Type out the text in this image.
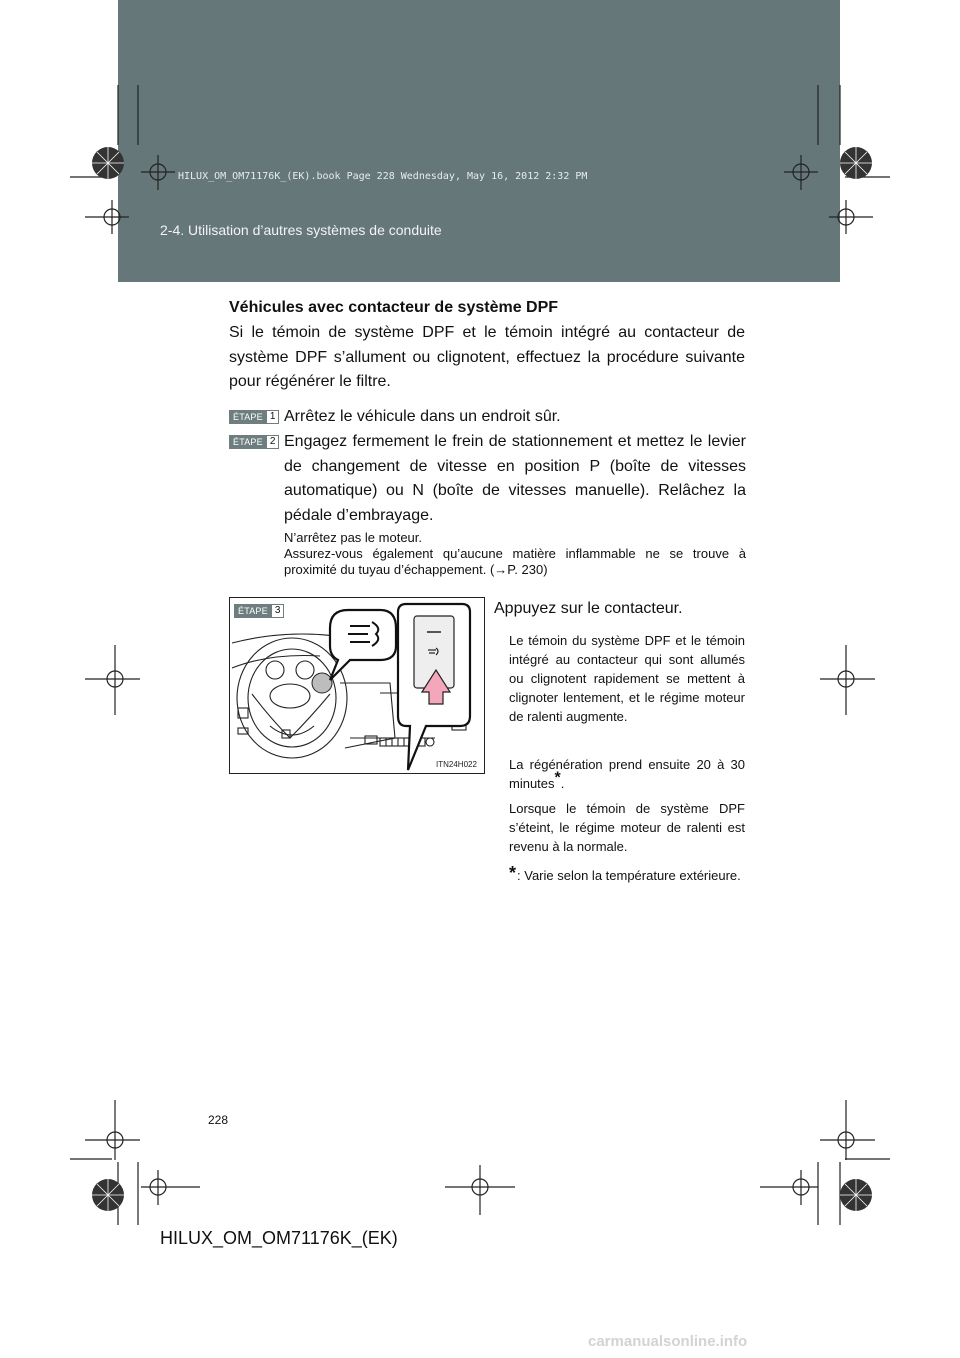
HILUX_OM_OM71176K_(EK).book Page 228 Wednesday, May 16, 2012 2:32 PM
2-4. Utilisation d’autres systèmes de conduite
Véhicules avec contacteur de système DPF
Si le témoin de système DPF et le témoin intégré au contacteur de système DPF s’allument ou clignotent, effectuez la procédure suivante pour régénérer le filtre.
ÉTAPE 1 Arrêtez le véhicule dans un endroit sûr.
ÉTAPE 2 Engagez fermement le frein de stationnement et mettez le levier de changement de vitesse en position P (boîte de vitesses automatique) ou N (boîte de vitesses manuelle). Relâchez la pédale d’embrayage.
N’arrêtez pas le moteur.
Assurez-vous également qu’aucune matière inflammable ne se trouve à proximité du tuyau d’échappement. (→P. 230)
ÉTAPE 3
ITN24H022
Appuyez sur le contacteur.
Le témoin du système DPF et le témoin intégré au contacteur qui sont allumés ou clignotent rapidement se mettent à clignoter lentement, et le régime moteur de ralenti augmente.
La régénération prend ensuite 20 à 30 minutes*.
Lorsque le témoin de système DPF s’éteint, le régime moteur de ralenti est revenu à la normale.
* : Varie selon la température extérieure.
228
HILUX_OM_OM71176K_(EK)
carmanualsonline.info
